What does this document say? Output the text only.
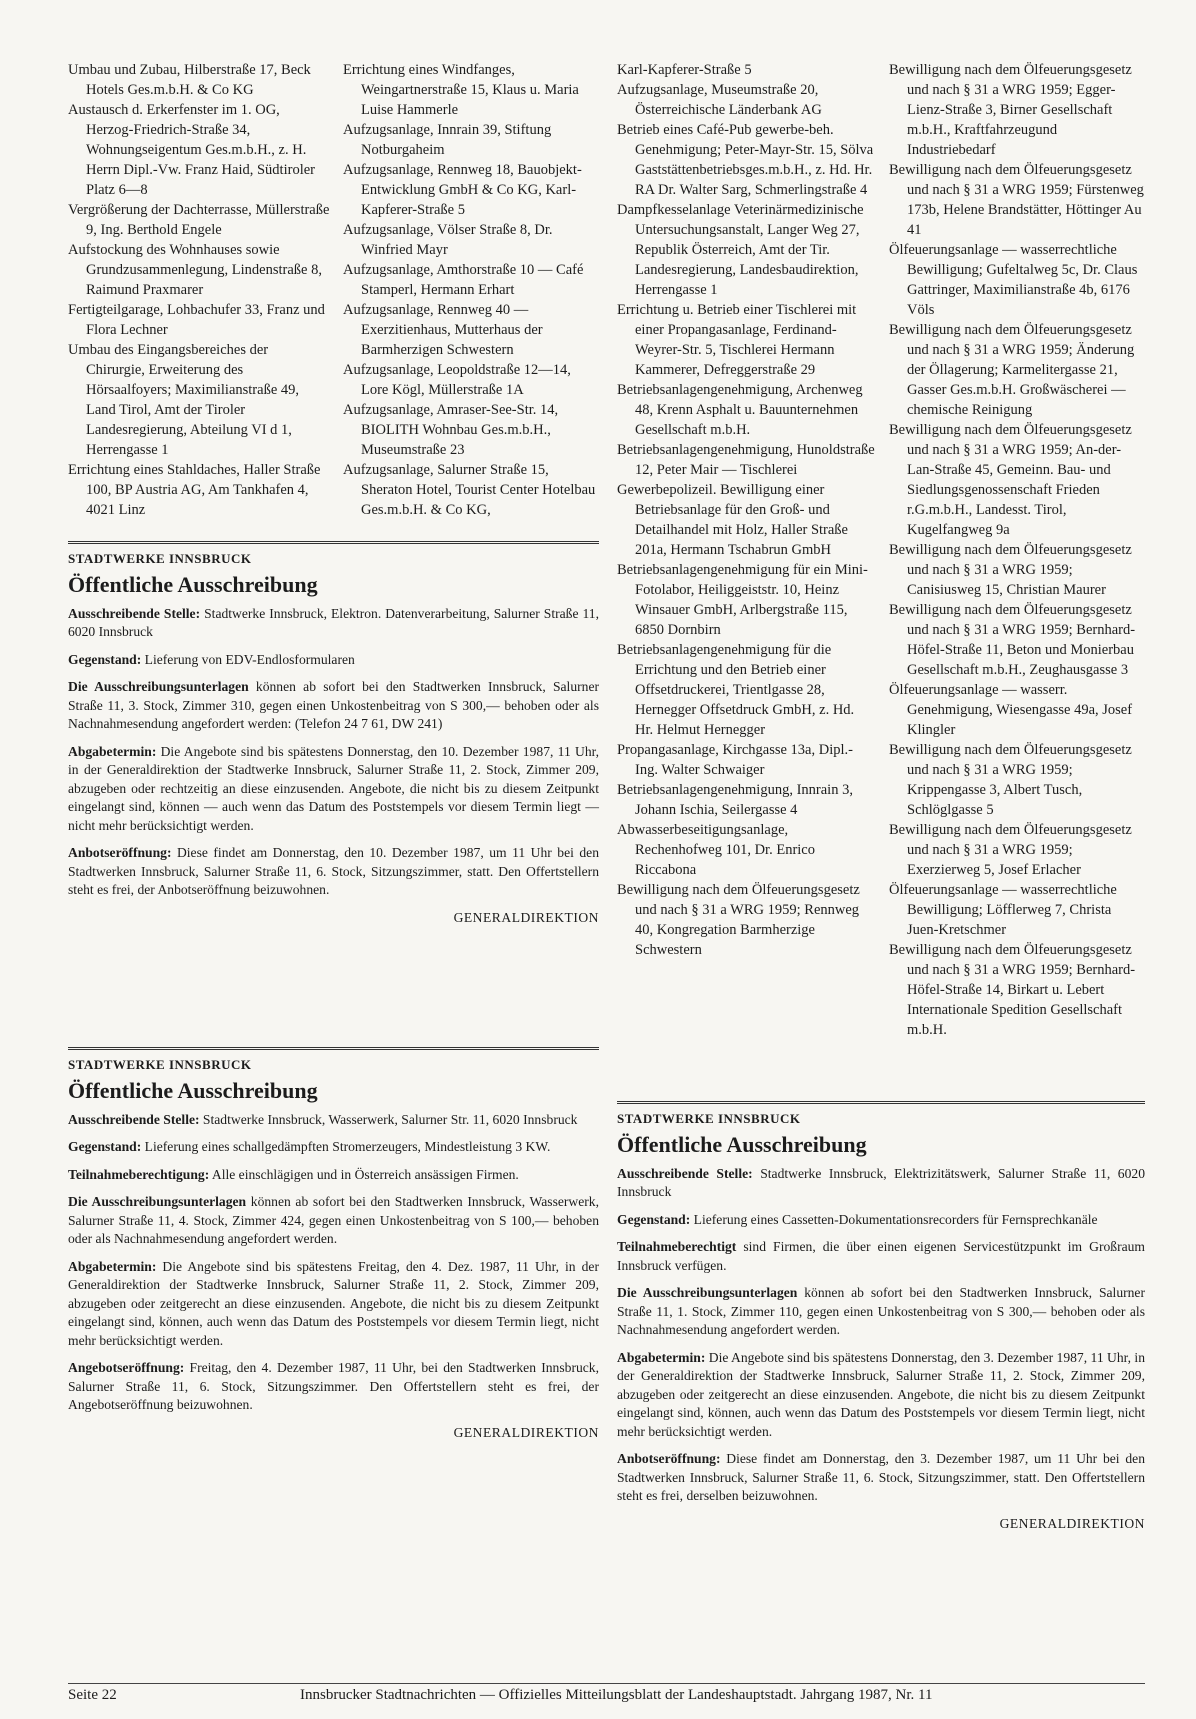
Umbau und Zubau, Hilberstraße 17, Beck Hotels Ges.m.b.H. & Co KG

Austausch d. Erkerfenster im 1. OG, Herzog-Friedrich-Straße 34, Wohnungseigentum Ges.m.b.H., z. H. Herrn Dipl.-Vw. Franz Haid, Südtiroler Platz 6—8

Vergrößerung der Dachterrasse, Müllerstraße 9, Ing. Berthold Engele

Aufstockung des Wohnhauses sowie Grundzusammenlegung, Lindenstraße 8, Raimund Praxmarer

Fertigteilgarage, Lohbachufer 33, Franz und Flora Lechner

Umbau des Eingangsbereiches der Chirurgie, Erweiterung des Hörsaalfoyers; Maximilianstraße 49, Land Tirol, Amt der Tiroler Landesregierung, Abteilung VI d 1, Herrengasse 1

Errichtung eines Stahldaches, Haller Straße 100, BP Austria AG, Am Tankhafen 4, 4021 Linz

Errichtung eines Windfanges, Weingartnerstraße 15, Klaus u. Maria Luise Hammerle

Aufzugsanlage, Innrain 39, Stiftung Notburgaheim

Aufzugsanlage, Rennweg 18, Bauobjekt-Entwicklung GmbH & Co KG, Karl-Kapferer-Straße 5

Aufzugsanlage, Völser Straße 8, Dr. Winfried Mayr

Aufzugsanlage, Amthorstraße 10 — Café Stamperl, Hermann Erhart

Aufzugsanlage, Rennweg 40 — Exerzitienhaus, Mutterhaus der Barmherzigen Schwestern

Aufzugsanlage, Leopoldstraße 12—14, Lore Kögl, Müllerstraße 1A

Aufzugsanlage, Amraser-See-Str. 14, BIOLITH Wohnbau Ges.m.b.H., Museumstraße 23

Aufzugsanlage, Salurner Straße 15, Sheraton Hotel, Tourist Center Hotelbau Ges.m.b.H. & Co KG,

Karl-Kapferer-Straße 5

Aufzugsanlage, Museumstraße 20, Österreichische Länderbank AG

Betrieb eines Café-Pub gewerbe-beh. Genehmigung; Peter-Mayr-Str. 15, Sölva Gaststättenbetriebsges.m.b.H., z. Hd. Hr. RA Dr. Walter Sarg, Schmerlingstraße 4

Dampfkesselanlage Veterinärmedizinische Untersuchungsanstalt, Langer Weg 27, Republik Österreich, Amt der Tir. Landesregierung, Landesbaudirektion, Herrengasse 1

Errichtung u. Betrieb einer Tischlerei mit einer Propangasanlage, Ferdinand-Weyrer-Str. 5, Tischlerei Hermann Kammerer, Defreggerstraße 29

Betriebsanlagengenehmigung, Archenweg 48, Krenn Asphalt u. Bauunternehmen Gesellschaft m.b.H.

Betriebsanlagengenehmigung, Hunoldstraße 12, Peter Mair — Tischlerei

Gewerbepolizeil. Bewilligung einer Betriebsanlage für den Groß- und Detailhandel mit Holz, Haller Straße 201a, Hermann Tschabrun GmbH

Betriebsanlagengenehmigung für ein Mini-Fotolabor, Heiliggeiststr. 10, Heinz Winsauer GmbH, Arlbergstraße 115, 6850 Dornbirn

Betriebsanlagengenehmigung für die Errichtung und den Betrieb einer Offsetdruckerei, Trientlgasse 28, Hernegger Offsetdruck GmbH, z. Hd. Hr. Helmut Hernegger

Propangasanlage, Kirchgasse 13a, Dipl.-Ing. Walter Schwaiger

Betriebsanlagengenehmigung, Innrain 3, Johann Ischia, Seilergasse 4

Abwasserbeseitigungsanlage, Rechenhofweg 101, Dr. Enrico Riccabona

Bewilligung nach dem Ölfeuerungsgesetz und nach § 31 a WRG 1959; Rennweg 40, Kongregation Barmherzige Schwestern

Bewilligung nach dem Ölfeuerungsgesetz und nach § 31 a WRG 1959; Egger-Lienz-Straße 3, Birner Gesellschaft m.b.H., Kraftfahrzeugund Industriebedarf

Bewilligung nach dem Ölfeuerungsgesetz und nach § 31 a WRG 1959; Fürstenweg 173b, Helene Brandstätter, Höttinger Au 41

Ölfeuerungsanlage — wasserrechtliche Bewilligung; Gufeltalweg 5c, Dr. Claus Gattringer, Maximilianstraße 4b, 6176 Völs

Bewilligung nach dem Ölfeuerungsgesetz und nach § 31 a WRG 1959; Änderung der Öllagerung; Karmelitergasse 21, Gasser Ges.m.b.H. Großwäscherei — chemische Reinigung

Bewilligung nach dem Ölfeuerungsgesetz und nach § 31 a WRG 1959; An-der-Lan-Straße 45, Gemeinn. Bau- und Siedlungsgenossenschaft Frieden r.G.m.b.H., Landesst. Tirol, Kugelfangweg 9a

Bewilligung nach dem Ölfeuerungsgesetz und nach § 31 a WRG 1959; Canisiusweg 15, Christian Maurer

Bewilligung nach dem Ölfeuerungsgesetz und nach § 31 a WRG 1959; Bernhard-Höfel-Straße 11, Beton und Monierbau Gesellschaft m.b.H., Zeughausgasse 3

Ölfeuerungsanlage — wasserr. Genehmigung, Wiesengasse 49a, Josef Klingler

Bewilligung nach dem Ölfeuerungsgesetz und nach § 31 a WRG 1959; Krippengasse 3, Albert Tusch, Schlöglgasse 5

Bewilligung nach dem Ölfeuerungsgesetz und nach § 31 a WRG 1959; Exerzierweg 5, Josef Erlacher

Ölfeuerungsanlage — wasserrechtliche Bewilligung; Löfflerweg 7, Christa Juen-Kretschmer

Bewilligung nach dem Ölfeuerungsgesetz und nach § 31 a WRG 1959; Bernhard-Höfel-Straße 14, Birkart u. Lebert Internationale Spedition Gesellschaft m.b.H.

STADTWERKE INNSBRUCK

Öffentliche Ausschreibung

Ausschreibende Stelle: Stadtwerke Innsbruck, Elektron. Datenverarbeitung, Salurner Straße 11, 6020 Innsbruck

Gegenstand: Lieferung von EDV-Endlosformularen

Die Ausschreibungsunterlagen können ab sofort bei den Stadtwerken Innsbruck, Salurner Straße 11, 3. Stock, Zimmer 310, gegen einen Unkostenbeitrag von S 300,— behoben oder als Nachnahmesendung angefordert werden: (Telefon 24 7 61, DW 241)

Abgabetermin: Die Angebote sind bis spätestens Donnerstag, den 10. Dezember 1987, 11 Uhr, in der Generaldirektion der Stadtwerke Innsbruck, Salurner Straße 11, 2. Stock, Zimmer 209, abzugeben oder rechtzeitig an diese einzusenden. Angebote, die nicht bis zu diesem Zeitpunkt eingelangt sind, können — auch wenn das Datum des Poststempels vor diesem Termin liegt — nicht mehr berücksichtigt werden.

Anbotseröffnung: Diese findet am Donnerstag, den 10. Dezember 1987, um 11 Uhr bei den Stadtwerken Innsbruck, Salurner Straße 11, 6. Stock, Sitzungszimmer, statt. Den Offertstellern steht es frei, der Anbotseröffnung beizuwohnen.

GENERALDIREKTION

STADTWERKE INNSBRUCK

Öffentliche Ausschreibung

Ausschreibende Stelle: Stadtwerke Innsbruck, Wasserwerk, Salurner Str. 11, 6020 Innsbruck

Gegenstand: Lieferung eines schallgedämpften Stromerzeugers, Mindestleistung 3 KW.

Teilnahmeberechtigung: Alle einschlägigen und in Österreich ansässigen Firmen.

Die Ausschreibungsunterlagen können ab sofort bei den Stadtwerken Innsbruck, Wasserwerk, Salurner Straße 11, 4. Stock, Zimmer 424, gegen einen Unkostenbeitrag von S 100,— behoben oder als Nachnahmesendung angefordert werden.

Abgabetermin: Die Angebote sind bis spätestens Freitag, den 4. Dez. 1987, 11 Uhr, in der Generaldirektion der Stadtwerke Innsbruck, Salurner Straße 11, 2. Stock, Zimmer 209, abzugeben oder zeitgerecht an diese einzusenden. Angebote, die nicht bis zu diesem Zeitpunkt eingelangt sind, können, auch wenn das Datum des Poststempels vor diesem Termin liegt, nicht mehr berücksichtigt werden.

Angebotseröffnung: Freitag, den 4. Dezember 1987, 11 Uhr, bei den Stadtwerken Innsbruck, Salurner Straße 11, 6. Stock, Sitzungszimmer. Den Offertstellern steht es frei, der Angebotseröffnung beizuwohnen.

GENERALDIREKTION

STADTWERKE INNSBRUCK

Öffentliche Ausschreibung

Ausschreibende Stelle: Stadtwerke Innsbruck, Elektrizitätswerk, Salurner Straße 11, 6020 Innsbruck

Gegenstand: Lieferung eines Cassetten-Dokumentationsrecorders für Fernsprechkanäle

Teilnahmeberechtigt sind Firmen, die über einen eigenen Servicestützpunkt im Großraum Innsbruck verfügen.

Die Ausschreibungsunterlagen können ab sofort bei den Stadtwerken Innsbruck, Salurner Straße 11, 1. Stock, Zimmer 110, gegen einen Unkostenbeitrag von S 300,— behoben oder als Nachnahmesendung angefordert werden.

Abgabetermin: Die Angebote sind bis spätestens Donnerstag, den 3. Dezember 1987, 11 Uhr, in der Generaldirektion der Stadtwerke Innsbruck, Salurner Straße 11, 2. Stock, Zimmer 209, abzugeben oder zeitgerecht an diese einzusenden. Angebote, die nicht bis zu diesem Zeitpunkt eingelangt sind, können, auch wenn das Datum des Poststempels vor diesem Termin liegt, nicht mehr berücksichtigt werden.

Anbotseröffnung: Diese findet am Donnerstag, den 3. Dezember 1987, um 11 Uhr bei den Stadtwerken Innsbruck, Salurner Straße 11, 6. Stock, Sitzungszimmer, statt. Den Offertstellern steht es frei, derselben beizuwohnen.

GENERALDIREKTION
Seite 22	Innsbrucker Stadtnachrichten — Offizielles Mitteilungsblatt der Landeshauptstadt. Jahrgang 1987, Nr. 11
